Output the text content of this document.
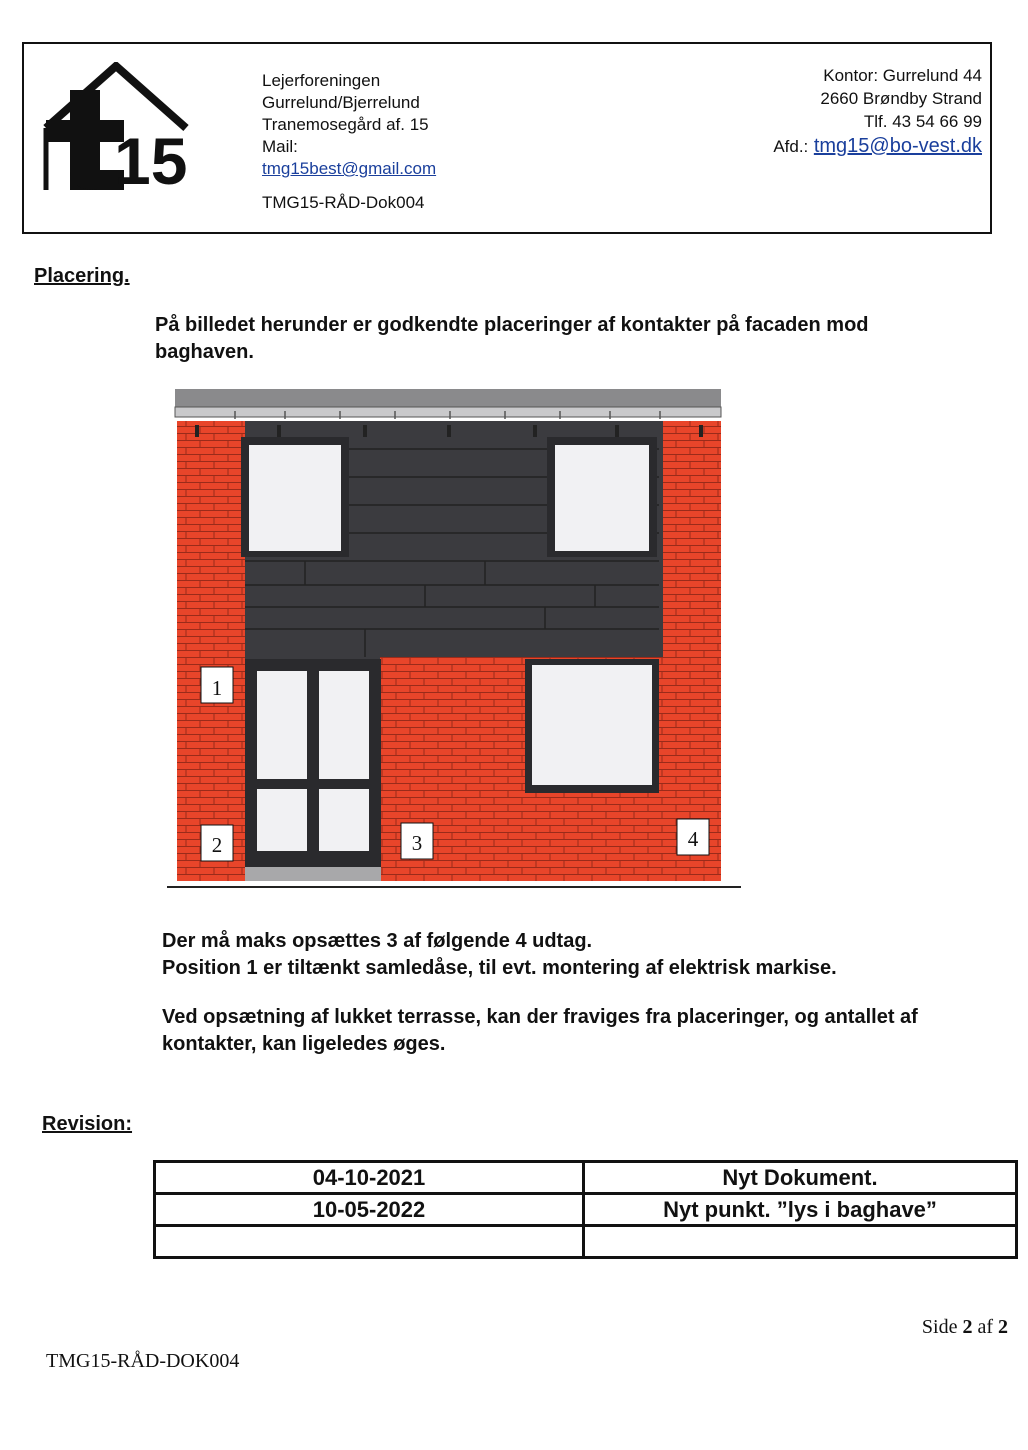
15
Lejerforeningen
Gurrelund/Bjerrelund
Tranemosegård af. 15
Mail:
tmg15best@gmail.com
TMG15-RÅD-Dok004
Kontor: Gurrelund 44
2660 Brøndby Strand
Tlf. 43 54 66 99
Afd.: tmg15@bo-vest.dk
Placering.
På billedet herunder er godkendte placeringer af kontakter på facaden mod
baghaven.
1
2	3	4
Der må maks opsættes 3 af følgende 4 udtag.
Position 1 er tiltænkt samledåse, til evt. montering af elektrisk markise.
Ved opsætning af lukket terrasse, kan der fraviges fra placeringer, og antallet af
kontakter, kan ligeledes øges.
Revision:
04-10-2021	Nyt Dokument.
10-05-2022	Nyt punkt. ”lys i baghave”

Side 2 af 2
TMG15-RÅD-DOK004
